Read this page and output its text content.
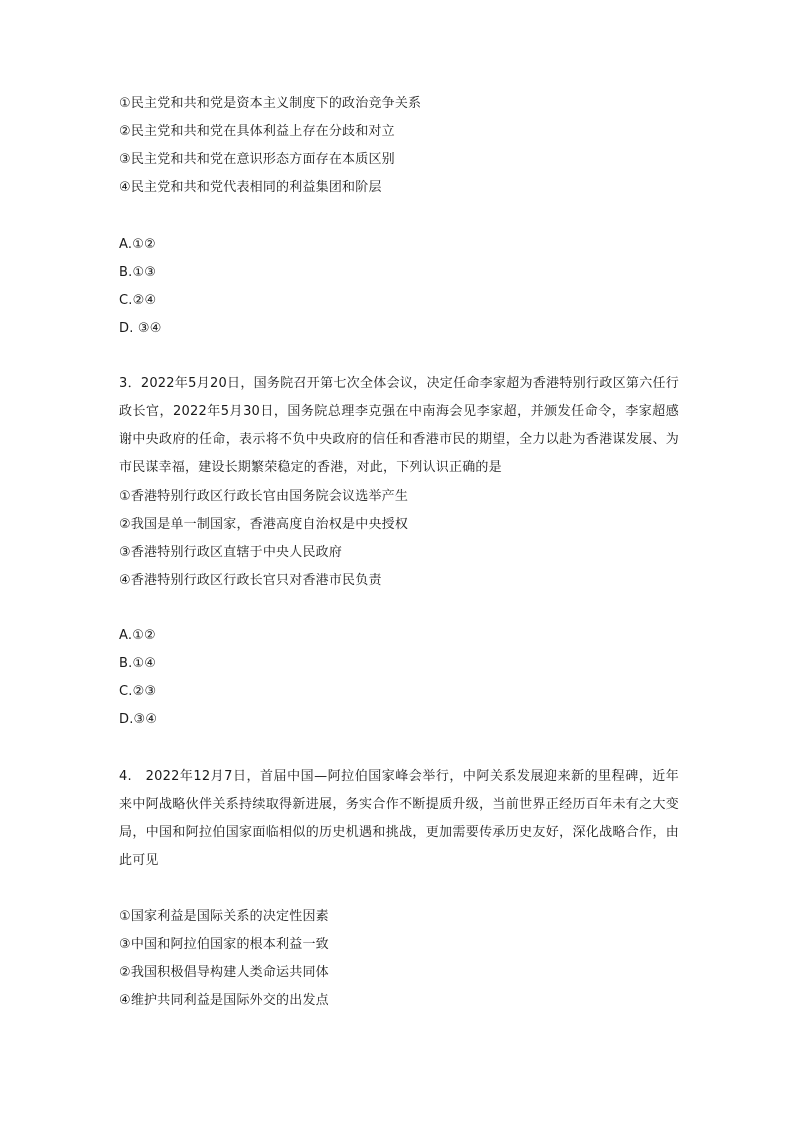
①民主党和共和党是资本主义制度下的政治竞争关系
②民主党和共和党在具体利益上存在分歧和对立
③民主党和共和党在意识形态方面存在本质区别
④民主党和共和党代表相同的利益集团和阶层
A.①②
B.①③
C.②④
D. ③④
3．2022年5月20日，国务院召开第七次全体会议，决定任命李家超为香港特别行政区第六任行政长官，2022年5月30日，国务院总理李克强在中南海会见李家超，并颁发任命令，李家超感谢中央政府的任命，表示将不负中央政府的信任和香港市民的期望，全力以赴为香港谋发展、为市民谋幸福，建设长期繁荣稳定的香港，对此，下列认识正确的是
①香港特别行政区行政长官由国务院会议选举产生
②我国是单一制国家，香港高度自治权是中央授权
③香港特别行政区直辖于中央人民政府
④香港特别行政区行政长官只对香港市民负责
A.①②
B.①④
C.②③
D.③④
4.　2022年12月7日，首届中国—阿拉伯国家峰会举行，中阿关系发展迎来新的里程碑，近年来中阿战略伙伴关系持续取得新进展，务实合作不断提质升级，当前世界正经历百年未有之大变局，中国和阿拉伯国家面临相似的历史机遇和挑战，更加需要传承历史友好，深化战略合作，由此可见
①国家利益是国际关系的决定性因素
③中国和阿拉伯国家的根本利益一致
②我国积极倡导构建人类命运共同体
④维护共同利益是国际外交的出发点
